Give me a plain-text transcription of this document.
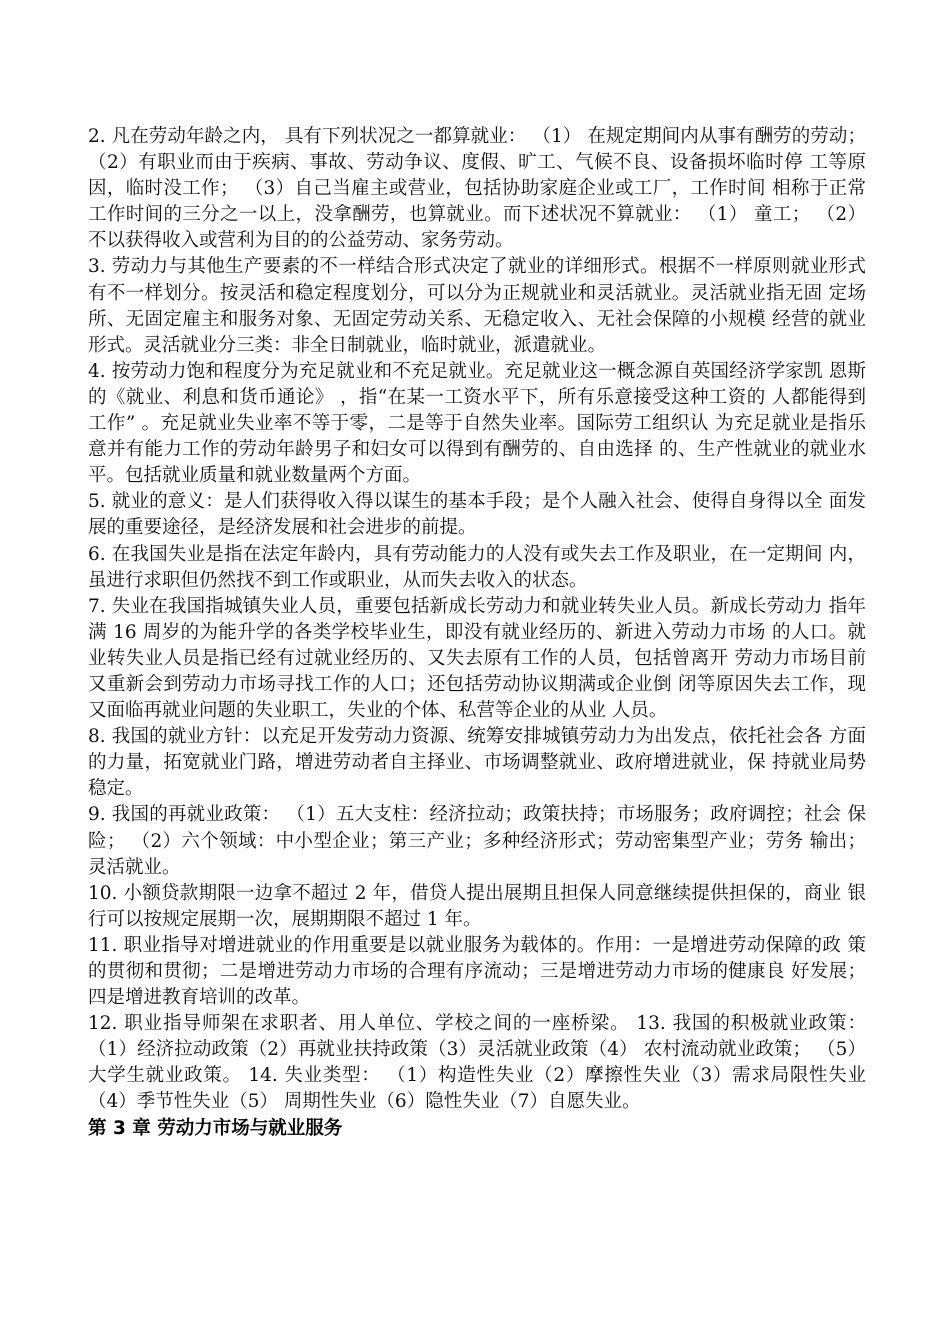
2. 凡在劳动年龄之内， 具有下列状况之一都算就业： （1） 在规定期间内从事有酬劳的劳动；（2）有职业而由于疾病、事故、劳动争议、度假、旷工、气候不良、设备损坏临时停 工等原因，临时没工作； （3）自己当雇主或营业，包括协助家庭企业或工厂，工作时间 相称于正常工作时间的三分之一以上，没拿酬劳，也算就业。而下述状况不算就业： （1） 童工； （2）不以获得收入或营利为目的的公益劳动、家务劳动。

3. 劳动力与其他生产要素的不一样结合形式决定了就业的详细形式。根据不一样原则就业形式 有不一样划分。按灵活和稳定程度划分，可以分为正规就业和灵活就业。灵活就业指无固 定场所、无固定雇主和服务对象、无固定劳动关系、无稳定收入、无社会保障的小规模 经营的就业形式。灵活就业分三类：非全日制就业，临时就业，派遣就业。

4. 按劳动力饱和程度分为充足就业和不充足就业。充足就业这一概念源自英国经济学家凯 恩斯的《就业、利息和货币通论》 ，指“在某一工资水平下，所有乐意接受这种工资的 人都能得到工作” 。充足就业失业率不等于零，二是等于自然失业率。国际劳工组织认 为充足就业是指乐意并有能力工作的劳动年龄男子和妇女可以得到有酬劳的、自由选择 的、生产性就业的就业水平。包括就业质量和就业数量两个方面。

5. 就业的意义：是人们获得收入得以谋生的基本手段；是个人融入社会、使得自身得以全 面发展的重要途径，是经济发展和社会进步的前提。

6. 在我国失业是指在法定年龄内，具有劳动能力的人没有或失去工作及职业，在一定期间 内，虽进行求职但仍然找不到工作或职业，从而失去收入的状态。

7. 失业在我国指城镇失业人员，重要包括新成长劳动力和就业转失业人员。新成长劳动力 指年满 16 周岁的为能升学的各类学校毕业生，即没有就业经历的、新进入劳动力市场 的人口。就业转失业人员是指已经有过就业经历的、又失去原有工作的人员，包括曾离开 劳动力市场目前又重新会到劳动力市场寻找工作的人口；还包括劳动协议期满或企业倒 闭等原因失去工作，现又面临再就业问题的失业职工，失业的个体、私营等企业的从业 人员。

8. 我国的就业方针：以充足开发劳动力资源、统筹安排城镇劳动力为出发点，依托社会各 方面的力量，拓宽就业门路，增进劳动者自主择业、市场调整就业、政府增进就业，保 持就业局势稳定。

9. 我国的再就业政策： （1）五大支柱：经济拉动；政策扶持；市场服务；政府调控；社会 保险； （2）六个领域：中小型企业；第三产业；多种经济形式；劳动密集型产业；劳务 输出；灵活就业。

10. 小额贷款期限一边拿不超过 2 年，借贷人提出展期且担保人同意继续提供担保的，商业 银行可以按规定展期一次，展期期限不超过 1 年。

11. 职业指导对增进就业的作用重要是以就业服务为载体的。作用：一是增进劳动保障的政 策的贯彻和贯彻；二是增进劳动力市场的合理有序流动；三是增进劳动力市场的健康良 好发展；四是增进教育培训的改革。

12. 职业指导师架在求职者、用人单位、学校之间的一座桥梁。 13. 我国的积极就业政策： （1）经济拉动政策（2）再就业扶持政策（3）灵活就业政策（4） 农村流动就业政策； （5）大学生就业政策。 14. 失业类型： （1）构造性失业（2）摩擦性失业（3）需求局限性失业（4）季节性失业（5） 周期性失业（6）隐性失业（7）自愿失业。

第 3 章 劳动力市场与就业服务
